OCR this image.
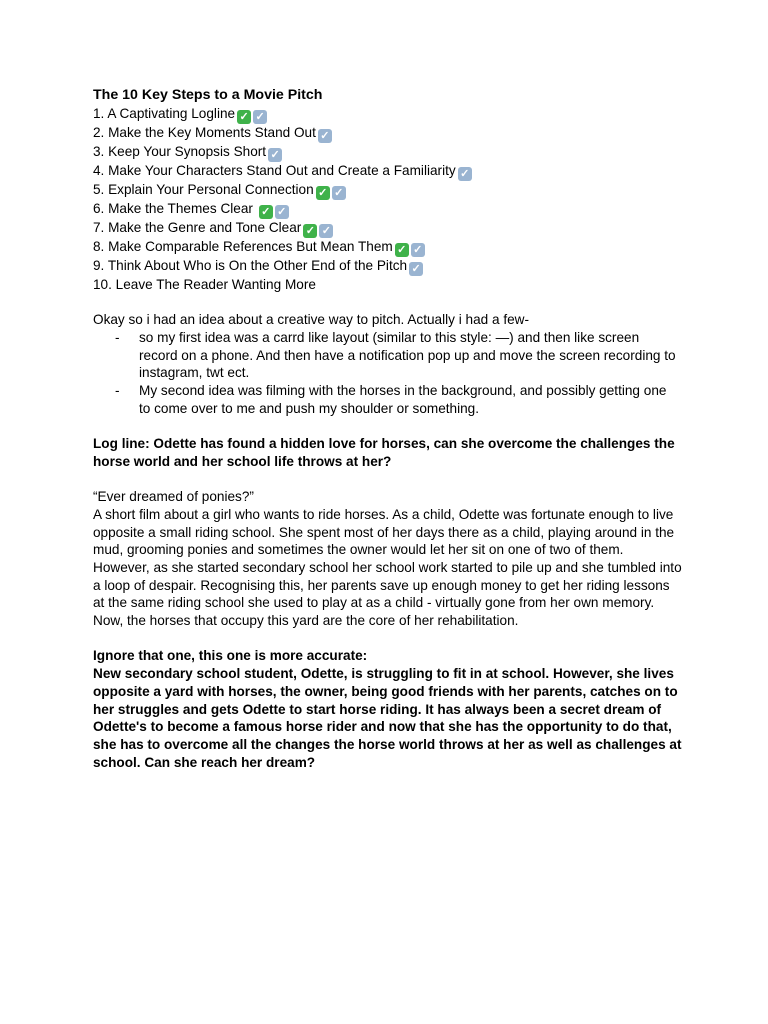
The 10 Key Steps to a Movie Pitch
1. A Captivating Logline ✓ ✓
2. Make the Key Moments Stand Out ✓
3. Keep Your Synopsis Short ✓
4. Make Your Characters Stand Out and Create a Familiarity ✓
5. Explain Your Personal Connection ✓ ✓
6. Make the Themes Clear ✓ ✓
7. Make the Genre and Tone Clear ✓ ✓
8. Make Comparable References But Mean Them ✓ ✓
9. Think About Who is On the Other End of the Pitch ✓
10. Leave The Reader Wanting More

Okay so i had an idea about a creative way to pitch. Actually i had a few-

-	so my first idea was a carrd like layout (similar to this style: —) and then like screen record on a phone. And then have a notification pop up and move the screen recording to instagram, twt ect.
-	My second idea was filming with the horses in the background, and possibly getting one to come over to me and push my shoulder or something.

Log line: Odette has found a hidden love for horses, can she overcome the challenges the horse world and her school life throws at her?

“Ever dreamed of ponies?”

A short film about a girl who wants to ride horses. As a child, Odette was fortunate enough to live opposite a small riding school. She spent most of her days there as a child, playing around in the mud, grooming ponies and sometimes the owner would let her sit on one of two of them. However, as she started secondary school her school work started to pile up and she tumbled into a loop of despair. Recognising this, her parents save up enough money to get her riding lessons at the same riding school she used to play at as a child - virtually gone from her own memory. Now, the horses that occupy this yard are the core of her rehabilitation.

Ignore that one, this one is more accurate:

New secondary school student, Odette, is struggling to fit in at school. However, she lives opposite a yard with horses, the owner, being good friends with her parents, catches on to her struggles and gets Odette to start horse riding. It has always been a secret dream of Odette's to become a famous horse rider and now that she has the opportunity to do that, she has to overcome all the changes the horse world throws at her as well as challenges at school. Can she reach her dream?
